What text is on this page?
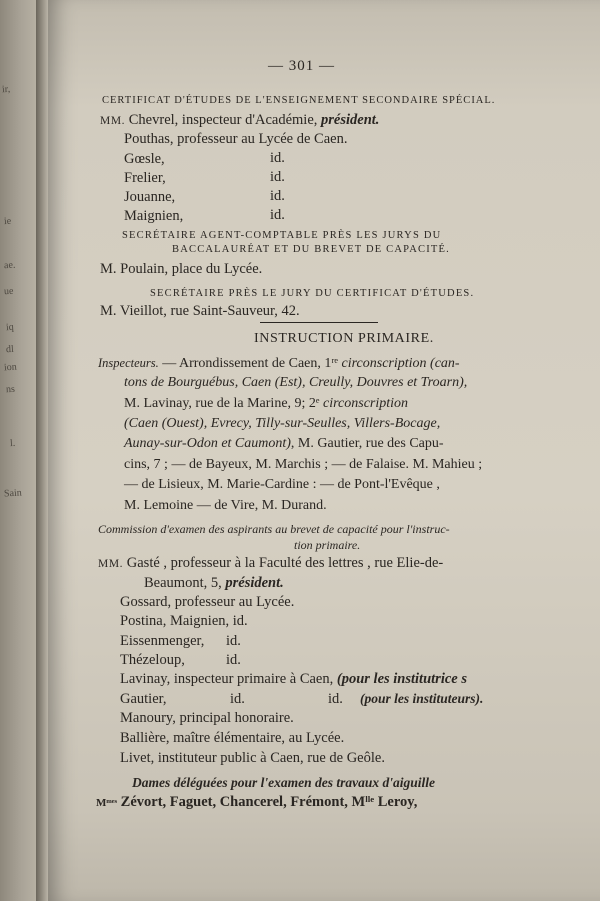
ir,
ie
ae.
ue
iq
dl
ion
ns
l.
Sain
— 301 —
CERTIFICAT D'ÉTUDES DE L'ENSEIGNEMENT SECONDAIRE SPÉCIAL.
MM. Chevrel, inspecteur d'Académie, président.
Pouthas, professeur au Lycée de Caen.
Gœsle,	id.
Frelier,	id.
Jouanne,	id.
Maignien,	id.
SECRÉTAIRE AGENT-COMPTABLE PRÈS LES JURYS DU
BACCALAURÉAT ET DU BREVET DE CAPACITÉ.
M. Poulain, place du Lycée.
SECRÉTAIRE PRÈS LE JURY DU CERTIFICAT D'ÉTUDES.
M. Vieillot, rue Saint-Sauveur, 42.
INSTRUCTION PRIMAIRE.
Inspecteurs. — Arrondissement de Caen, 1ʳᵉ circonscription (can-
tons de Bourguébus, Caen (Est), Creully, Douvres et Troarn),
M. Lavinay, rue de la Marine, 9; 2ᵉ circonscription
(Caen (Ouest), Evrecy, Tilly-sur-Seulles, Villers-Bocage,
Aunay-sur-Odon et Caumont), M. Gautier, rue des Capu-
cins, 7 ; — de Bayeux, M. Marchis ; — de Falaise. M. Mahieu ;
— de Lisieux, M. Marie-Cardine : — de Pont-l'Evêque ,
M. Lemoine — de Vire, M. Durand.
Commission d'examen des aspirants au brevet de capacité pour l'instruc-
tion primaire.
MM. Gasté , professeur à la Faculté des lettres , rue Elie-de-
Beaumont, 5, président.
Gossard, professeur au Lycée.
Postina, Maignien, id.
Eissenmenger, id.
Thézeloup,	id.
Lavinay, inspecteur primaire à Caen, (pour les institutrice s
Gautier,	id.	id. (pour les instituteurs).
Manoury, principal honoraire.
Ballière, maître élémentaire, au Lycée.
Livet, instituteur public à Caen, rue de Geôle.
Dames déléguées pour l'examen des travaux d'aiguille
Mᵐᵉˢ Zévort, Faguet, Chancerel, Frémont, Mˡˡᵉ Leroy,
